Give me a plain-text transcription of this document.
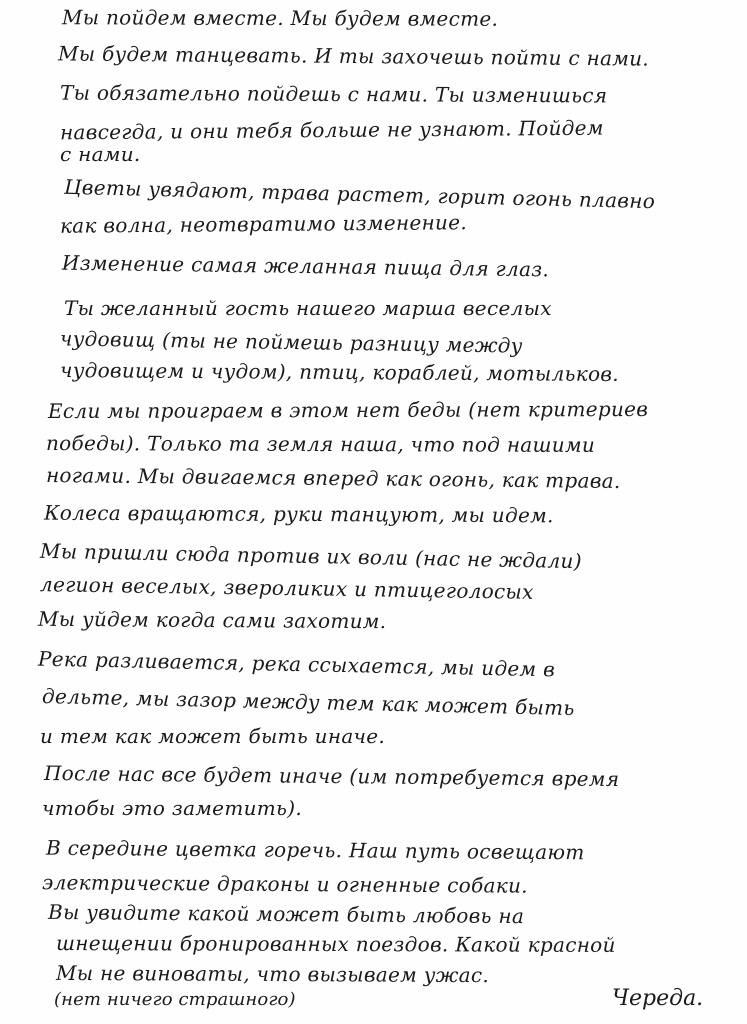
Мы пойдем вместе. Мы будем вместе.
Мы будем танцевать. И ты захочешь пойти с нами.
Ты обязательно пойдешь с нами. Ты изменишься
навсегда, и они тебя больше не узнают. Пойдем
с нами.
Цветы увядают, трава растет, горит огонь плавно
как волна, неотвратимо изменение.
Изменение самая желанная пища для глаз.
Ты желанный гость нашего марша веселых
чудовищ (ты не поймешь разницу между
чудовищем и чудом), птиц, кораблей, мотыльков.
Если мы проиграем в этом нет беды (нет критериев
победы). Только та земля наша, что под нашими
ногами. Мы двигаемся вперед как огонь, как трава.
Колеса вращаются, руки танцуют, мы идем.
Мы пришли сюда против их воли (нас не ждали)
легион веселых, звероликих и птицеголосых
Мы уйдем когда сами захотим.
Река разливается, река ссыхается, мы идем в
дельте, мы зазор между тем как может быть
и тем как может быть иначе.
После нас все будет иначе (им потребуется время
чтобы это заметить).
В середине цветка горечь. Наш путь освещают
электрические драконы и огненные собаки.
Вы увидите какой может быть любовь на
шнещении бронированных поездов. Какой красной
Мы не виноваты, что вызываем ужас.
(нет ничего страшного)	Череда.
